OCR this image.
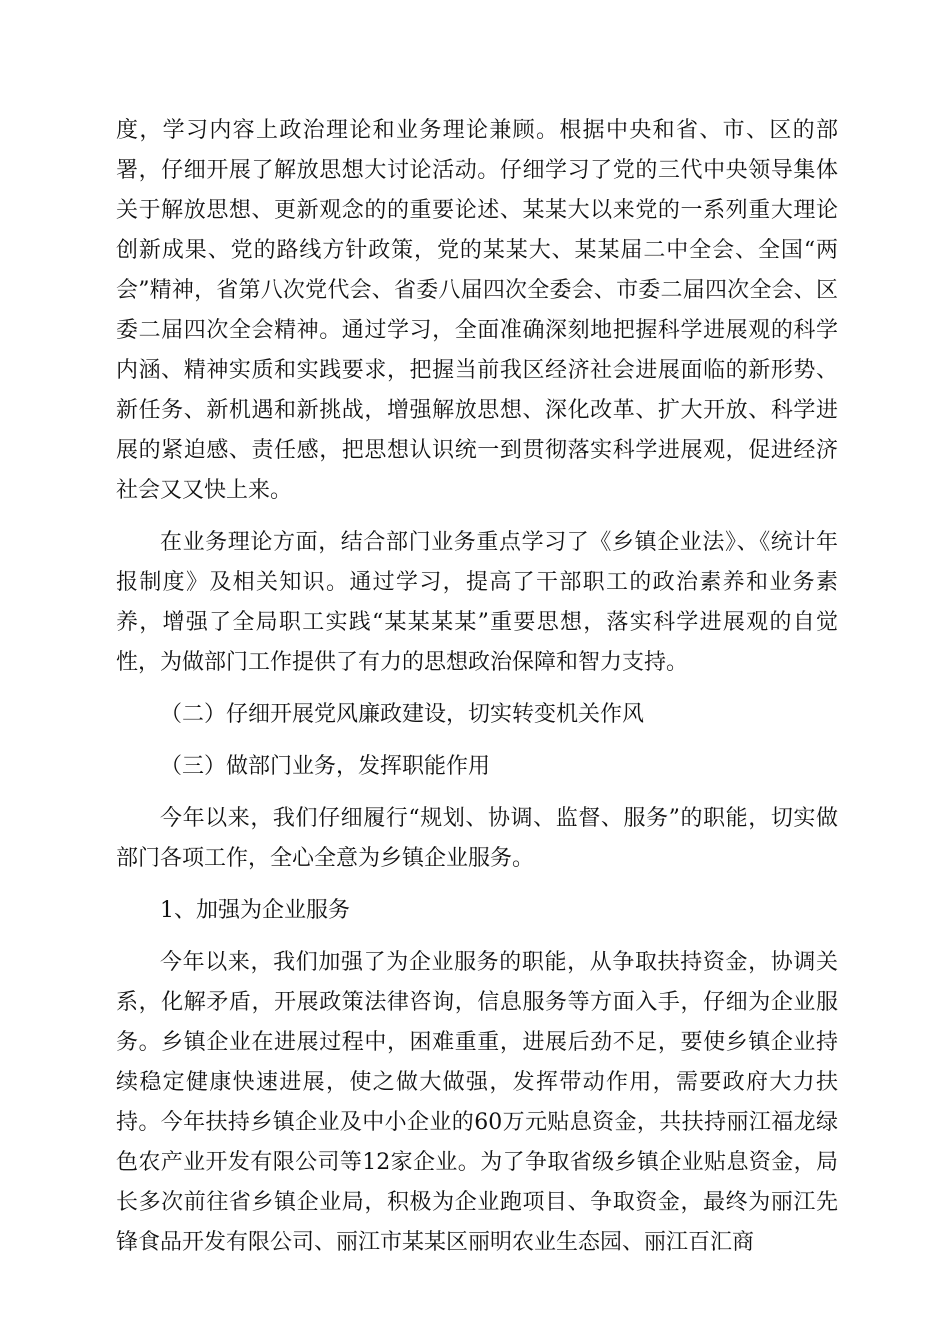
度，学习内容上政治理论和业务理论兼顾。根据中央和省、市、区的部署，仔细开展了解放思想大讨论活动。仔细学习了党的三代中央领导集体关于解放思想、更新观念的的重要论述、某某大以来党的一系列重大理论创新成果、党的路线方针政策，党的某某大、某某届二中全会、全国“两会”精神，省第八次党代会、省委八届四次全委会、市委二届四次全会、区委二届四次全会精神。通过学习，全面准确深刻地把握科学进展观的科学内涵、精神实质和实践要求，把握当前我区经济社会进展面临的新形势、新任务、新机遇和新挑战，增强解放思想、深化改革、扩大开放、科学进展的紧迫感、责任感，把思想认识统一到贯彻落实科学进展观，促进经济社会又又快上来。

在业务理论方面，结合部门业务重点学习了《乡镇企业法》、《统计年报制度》及相关知识。通过学习，提高了干部职工的政治素养和业务素养，增强了全局职工实践“某某某某”重要思想，落实科学进展观的自觉性，为做部门工作提供了有力的思想政治保障和智力支持。

（二）仔细开展党风廉政建设，切实转变机关作风

（三）做部门业务，发挥职能作用

今年以来，我们仔细履行“规划、协调、监督、服务”的职能，切实做部门各项工作，全心全意为乡镇企业服务。

1、加强为企业服务

今年以来，我们加强了为企业服务的职能，从争取扶持资金，协调关系，化解矛盾，开展政策法律咨询，信息服务等方面入手，仔细为企业服务。乡镇企业在进展过程中，困难重重，进展后劲不足，要使乡镇企业持续稳定健康快速进展，使之做大做强，发挥带动作用，需要政府大力扶持。今年扶持乡镇企业及中小企业的60万元贴息资金，共扶持丽江福龙绿色农产业开发有限公司等12家企业。为了争取省级乡镇企业贴息资金，局长多次前往省乡镇企业局，积极为企业跑项目、争取资金，最终为丽江先锋食品开发有限公司、丽江市某某区丽明农业生态园、丽江百汇商
